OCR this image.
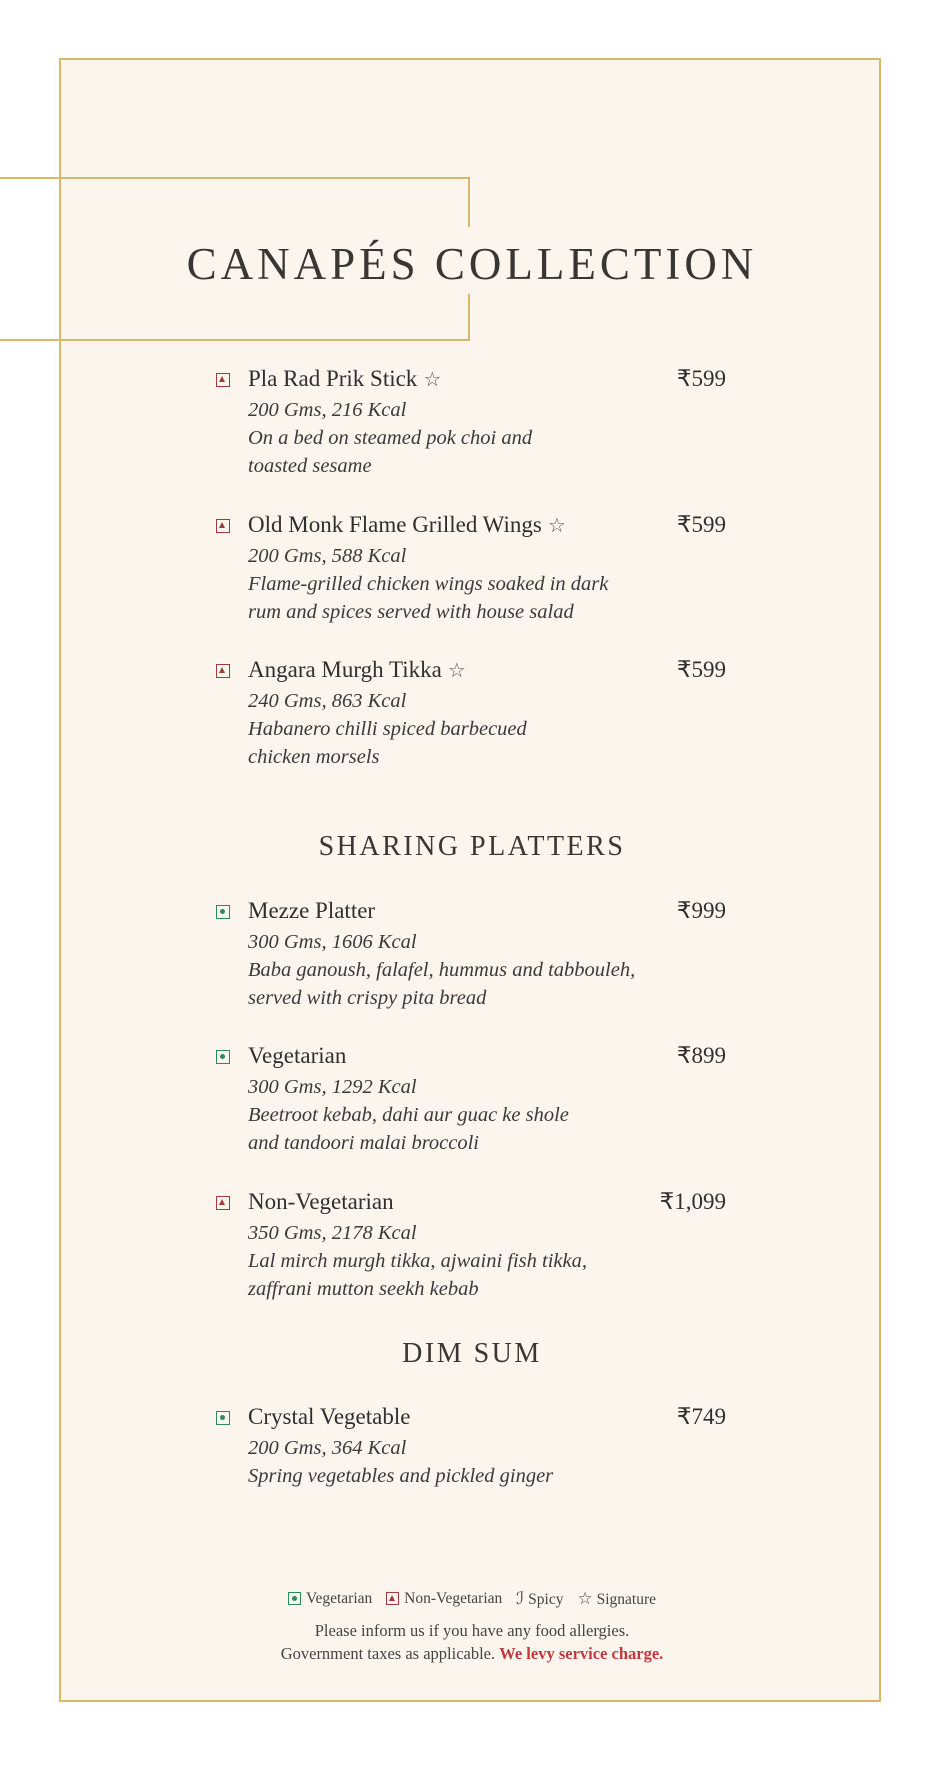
CANAPÉS COLLECTION
Pla Rad Prik Stick ☆	₹599
200 Gms, 216 Kcal
On a bed on steamed pok choi and
toasted sesame
Old Monk Flame Grilled Wings ☆	₹599
200 Gms, 588 Kcal
Flame-grilled chicken wings soaked in dark
rum and spices served with house salad
Angara Murgh Tikka ☆	₹599
240 Gms, 863 Kcal
Habanero chilli spiced barbecued
chicken morsels
SHARING PLATTERS
Mezze Platter	₹999
300 Gms, 1606 Kcal
Baba ganoush, falafel, hummus and tabbouleh,
served with crispy pita bread
Vegetarian	₹899
300 Gms, 1292 Kcal
Beetroot kebab, dahi aur guac ke shole
and tandoori malai broccoli
Non-Vegetarian	₹1,099
350 Gms, 2178 Kcal
Lal mirch murgh tikka, ajwaini fish tikka,
zaffrani mutton seekh kebab
DIM SUM
Crystal Vegetable	₹749
200 Gms, 364 Kcal
Spring vegetables and pickled ginger
Vegetarian Non-Vegetarian ℐ Spicy ☆ Signature
Please inform us if you have any food allergies.
Government taxes as applicable. We levy service charge.
